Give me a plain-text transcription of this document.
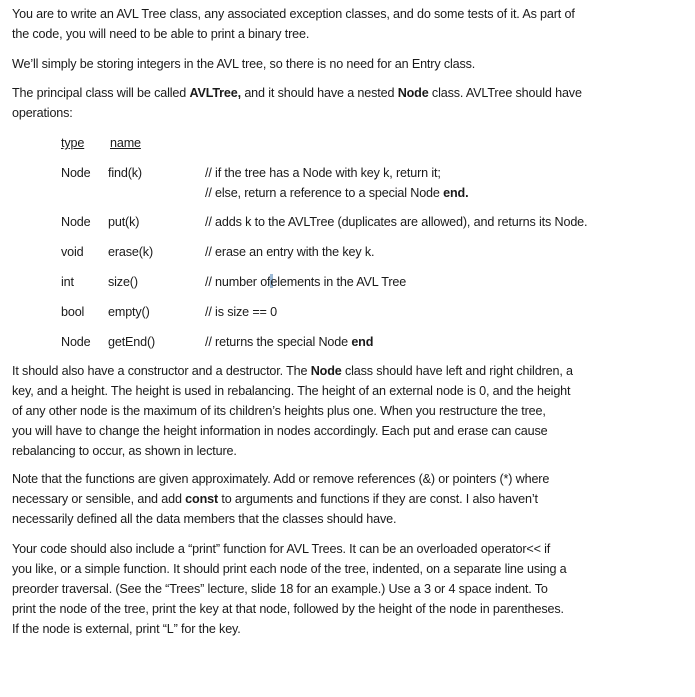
type name
You are to write an AVL Tree class, any associated exception classes, and do some tests of it. As part of
the code, you will need to be able to print a binary tree.
We’ll simply be storing integers in the AVL tree, so there is no need for an Entry class.
The principal class will be called AVLTree, and it should have a nested Node class. AVLTree should have
operations:
It should also have a constructor and a destructor. The Node class should have left and right children, a
key, and a height. The height is used in rebalancing. The height of an external node is 0, and the height
of any other node is the maximum of its children’s heights plus one. When you restructure the tree,
you will have to change the height information in nodes accordingly. Each put and erase can cause
rebalancing to occur, as shown in lecture.
Note that the functions are given approximately. Add or remove references (&) or pointers (*) where
necessary or sensible, and add const to arguments and functions if they are const. I also haven’t
necessarily defined all the data members that the classes should have.
Your code should also include a “print” function for AVL Trees. It can be an overloaded operator<< if
you like, or a simple function. It should print each node of the tree, indented, on a separate line using a
preorder traversal. (See the “Trees” lecture, slide 18 for an example.) Use a 3 or 4 space indent. To
print the node of the tree, print the key at that node, followed by the height of the node in parentheses.
If the node is external, print “L” for the key.
Node find(k)	// if the tree has a Node with key k, return it;
// else, return a reference to a special Node end.
Node put(k)	// adds k to the AVLTree (duplicates are allowed), and returns its Node.
void erase(k)	// erase an entry with the key k.
int	size()	// number ofelements in the AVL Tree
bool empty()	// is size == 0
Node getEnd()	// returns the special Node end
